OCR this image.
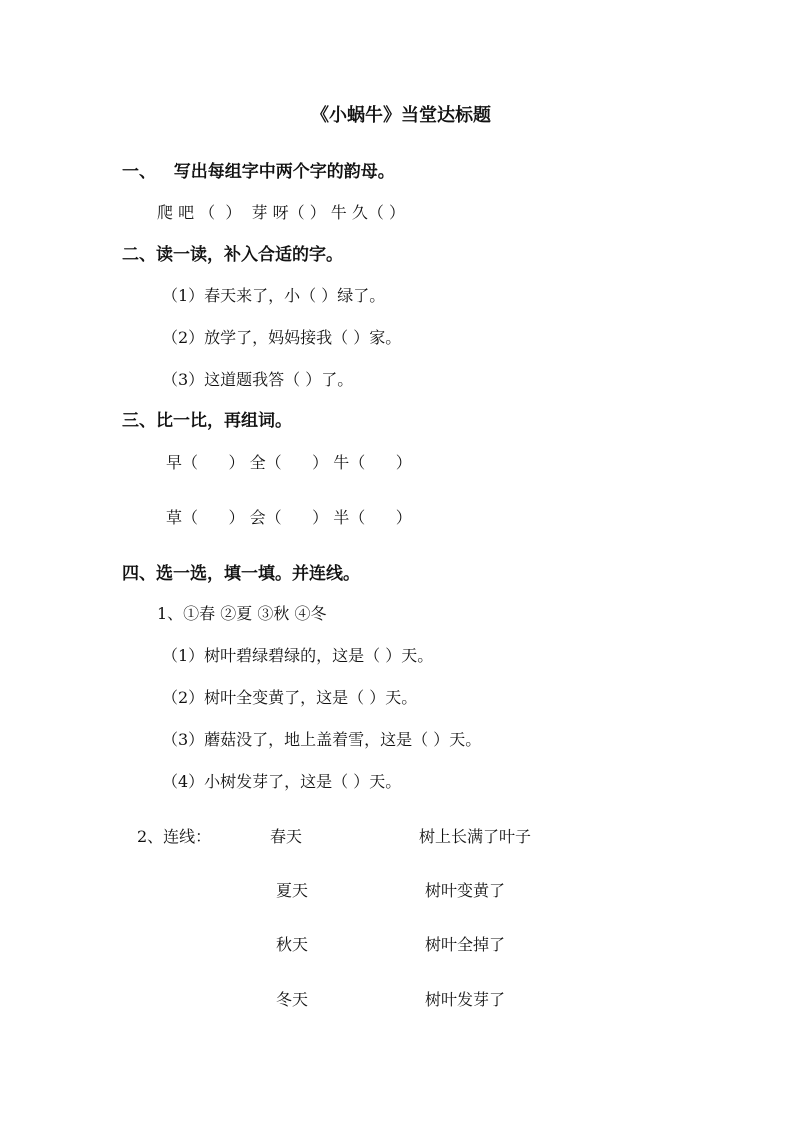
《小蜗牛》当堂达标题
一、   写出每组字中两个字的韵母。
爬 吧 （  ）  芽 呀（ ） 牛 久（ ）
二、读一读，补入合适的字。
（1）春天来了，小（ ）绿了。
（2）放学了，妈妈接我（ ）家。
（3）这道题我答（ ）了。
三、比一比，再组词。
早（      ） 全（      ） 牛（      ）
草（      ） 会（      ） 半（      ）
四、选一选，填一填。并连线。
1、①春 ②夏 ③秋 ④冬
（1）树叶碧绿碧绿的，这是（ ）天。
（2）树叶全变黄了，这是（ ）天。
（3）蘑菇没了，地上盖着雪，这是（ ）天。
（4）小树发芽了，这是（ ）天。
2、连线：	春天
夏天
秋天
冬天
树上长满了叶子
树叶变黄了
树叶全掉了
树叶发芽了
